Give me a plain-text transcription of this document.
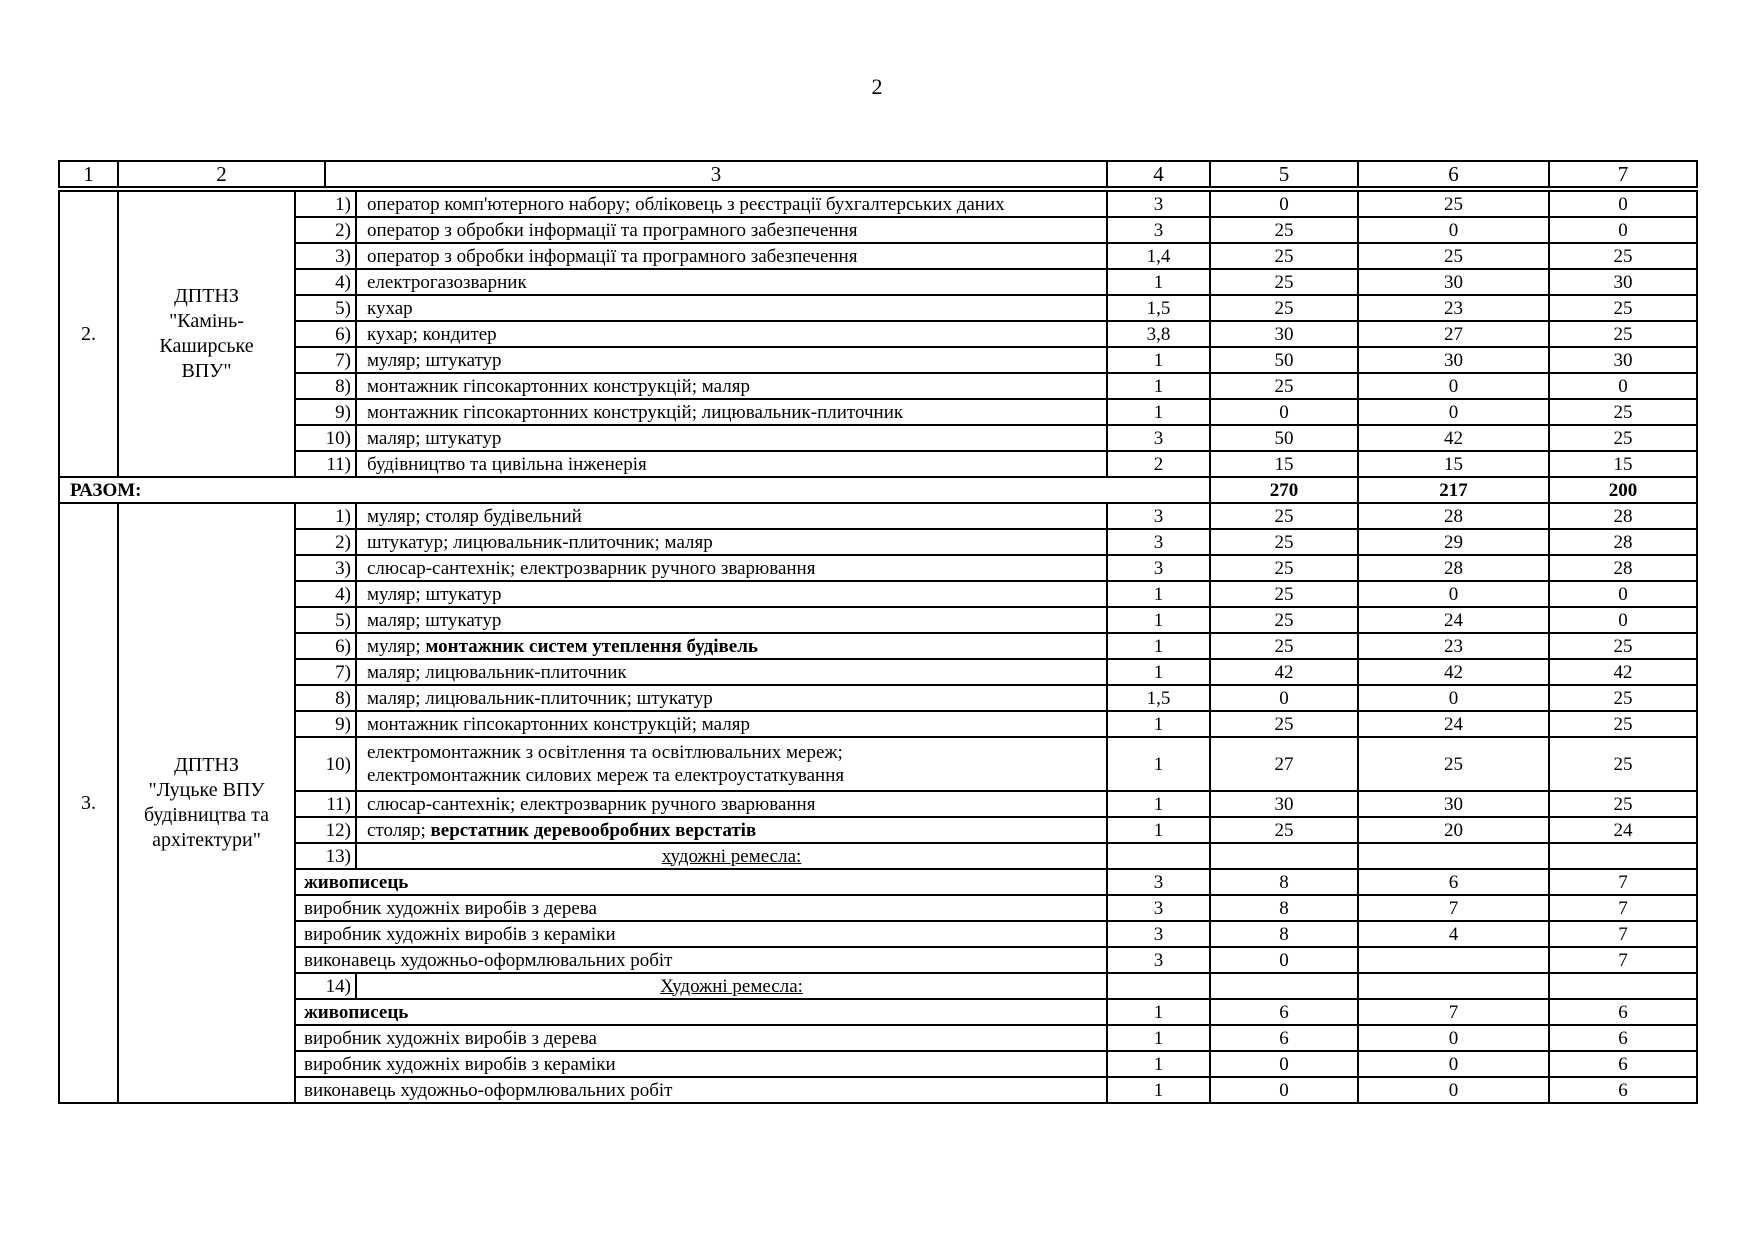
2
1	2		3		4	5	6	7
2.	ДПТНЗ
"Камінь-
Каширське
ВПУ"	1)		оператор комп'ютерного набору; обліковець з реєстрації бухгалтерських даних	3	0	25	0
		2)		оператор з обробки інформації та програмного забезпечення	3	25	0	0
		3)		оператор з обробки інформації та програмного забезпечення	1,4	25	25	25
		4)		електрогазозварник	1	25	30	30
		5)		кухар	1,5	25	23	25
		6)		кухар; кондитер	3,8	30	27	25
		7)		муляр; штукатур	1	50	30	30
		8)		монтажник гіпсокартонних конструкцій; маляр	1	25	0	0
		9)		монтажник гіпсокартонних конструкцій; лицювальник-плиточник	1	0	0	25
		10)		маляр; штукатур	3	50	42	25
		11)		будівництво та цивільна інженерія	2	15	15	15
РАЗОМ:						270	217	200
3.	ДПТНЗ
"Луцьке ВПУ
будівництва та
архітектури"	1)		муляр; столяр будівельний	3	25	28	28
		2)		штукатур; лицювальник-плиточник; маляр	3	25	29	28
		3)		слюсар-сантехнік; електрозварник ручного зварювання	3	25	28	28
		4)		муляр; штукатур	1	25	0	0
		5)		маляр; штукатур	1	25	24	0
		6)		муляр; монтажник систем утеплення будівель	1	25	23	25
		7)		маляр; лицювальник-плиточник	1	42	42	42
		8)		маляр; лицювальник-плиточник; штукатур	1,5	0	0	25
		9)		монтажник гіпсокартонних конструкцій; маляр	1	25	24	25
		10)		електромонтажник з освітлення та освітлювальних мереж;
електромонтажник силових мереж та електроустаткування	1	27	25	25
		11)		слюсар-сантехнік; електрозварник ручного зварювання	1	30	30	25
		12)		столяр; верстатник деревообробних верстатів	1	25	20	24
		13)		художні ремесла:				
		живописець			3	8	6	7
		виробник художніх виробів з дерева			3	8	7	7
		виробник художніх виробів з кераміки			3	8	4	7
		виконавець художньо-оформлювальних робіт			3	0		7
		14)		Художні ремесла:				
		живописець			1	6	7	6
		виробник художніх виробів з дерева			1	6	0	6
		виробник художніх виробів з кераміки			1	0	0	6
		виконавець художньо-оформлювальних робіт			1	0	0	6
